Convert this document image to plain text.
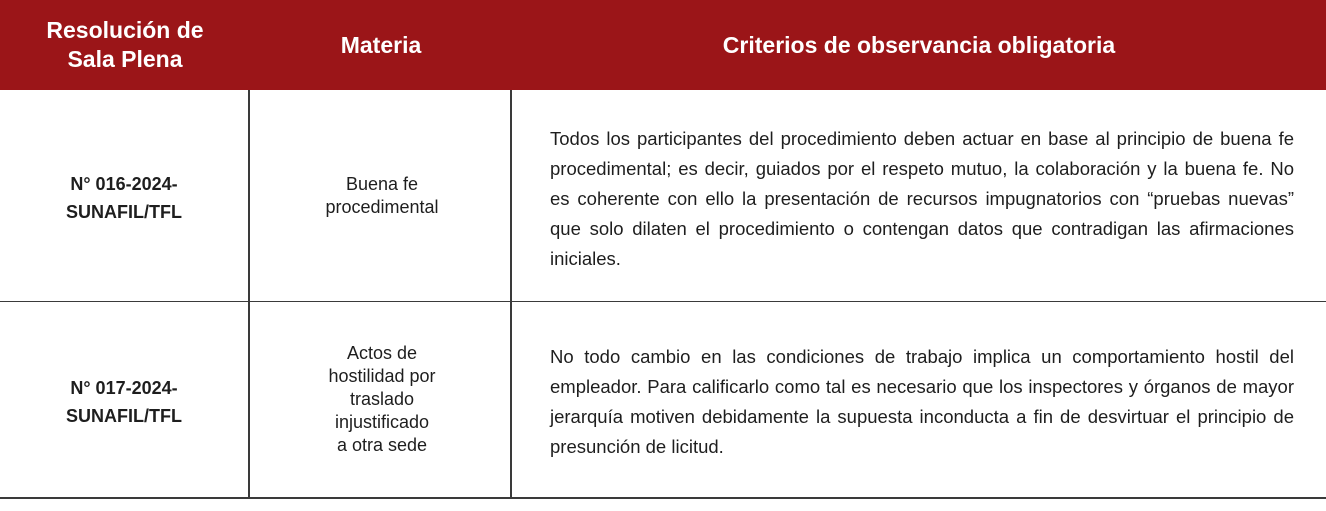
Resolución de
Sala Plena
Materia	Criterios de observancia obligatoria
N° 016-2024-
SUNAFIL/TFL
Buena fe
procedimental

Todos los participantes del procedimiento deben actuar en base al principio de buena fe procedimental; es decir, guiados por el respeto mutuo, la colaboración y la buena fe. No es coherente con ello la presentación de recursos impugnatorios con “pruebas nuevas” que solo dilaten el procedimiento o contengan datos que contradigan las afirmaciones iniciales.

N° 017-2024-
SUNAFIL/TFL
Actos de
hostilidad por
traslado
injustificado
a otra sede

No todo cambio en las condiciones de trabajo implica un comportamiento hostil del empleador. Para calificarlo como tal es necesario que los inspectores y órganos de mayor jerarquía motiven debidamente la supuesta inconducta a fin de desvirtuar el principio de presunción de licitud.
